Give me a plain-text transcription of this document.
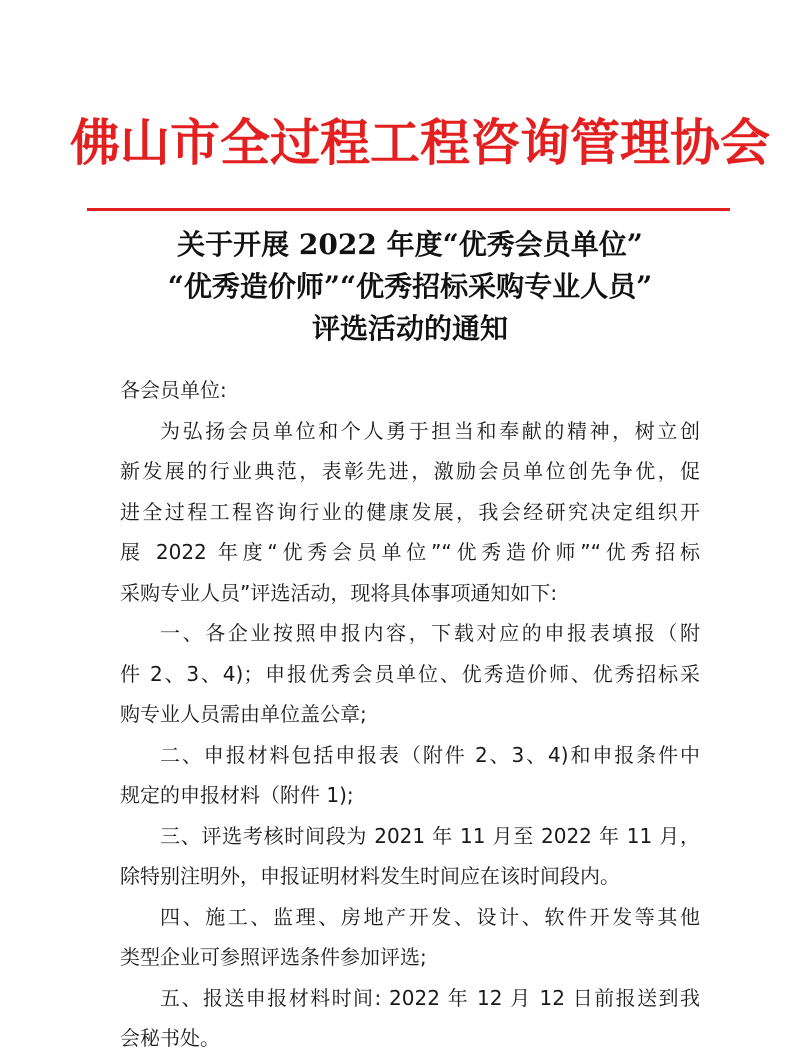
佛山市全过程工程咨询管理协会
关于开展 2022 年度“优秀会员单位”
“优秀造价师”“优秀招标采购专业人员”
评选活动的通知
各会员单位:
为弘扬会员单位和个人勇于担当和奉献的精神，树立创
新发展的行业典范，表彰先进，激励会员单位创先争优，促
进全过程工程咨询行业的健康发展，我会经研究决定组织开
展 2022 年度“优秀会员单位”“优秀造价师”“优秀招标
采购专业人员”评选活动，现将具体事项通知如下:
一、各企业按照申报内容，下载对应的申报表填报（附
件 2、3、4)；申报优秀会员单位、优秀造价师、优秀招标采
购专业人员需由单位盖公章;
二、申报材料包括申报表（附件 2、3、4)和申报条件中
规定的申报材料（附件 1);
三、评选考核时间段为 2021 年 11 月至 2022 年 11 月，
除特别注明外，申报证明材料发生时间应在该时间段内。
四、施工、监理、房地产开发、设计、软件开发等其他
类型企业可参照评选条件参加评选;
五、报送申报材料时间: 2022 年 12 月 12 日前报送到我
会秘书处。
